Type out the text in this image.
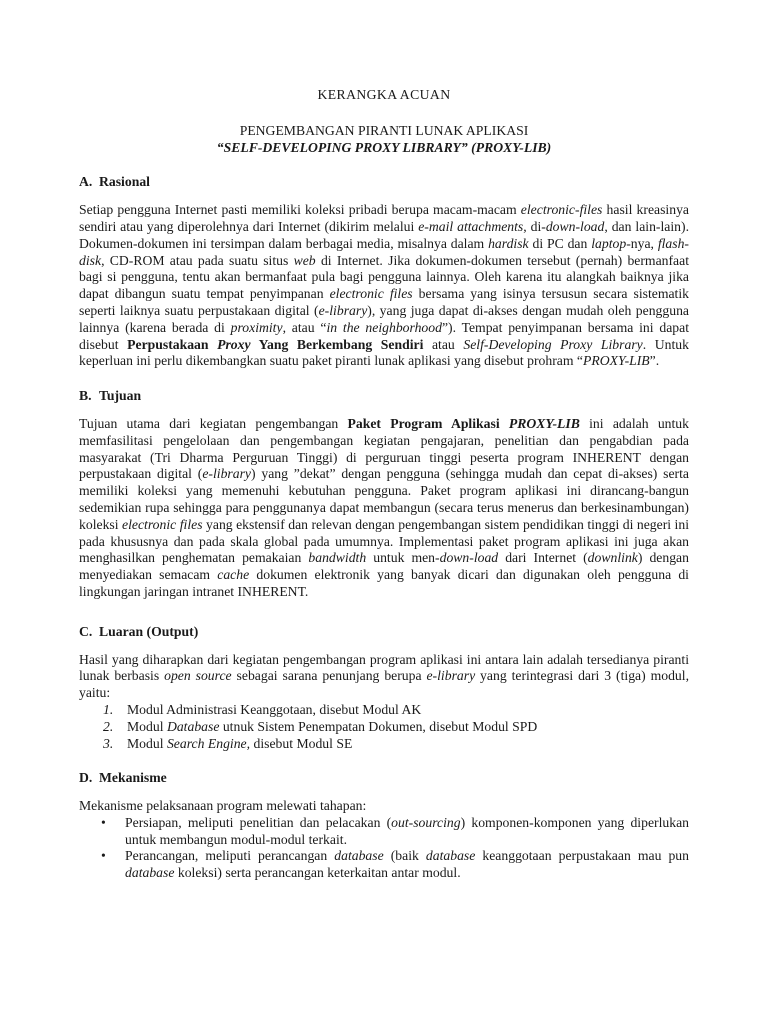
KERANGKA ACUAN
PENGEMBANGAN PIRANTI LUNAK APLIKASI
“SELF-DEVELOPING PROXY LIBRARY” (PROXY-LIB)
A. Rasional

Setiap pengguna Internet pasti memiliki koleksi pribadi berupa macam-macam electronic-files hasil kreasinya sendiri atau yang diperolehnya dari Internet (dikirim melalui e-mail attachments, di-down-load, dan lain-lain). Dokumen-dokumen ini tersimpan dalam berbagai media, misalnya dalam hardisk di PC dan laptop-nya, flash-disk, CD-ROM atau pada suatu situs web di Internet. Jika dokumen-dokumen tersebut (pernah) bermanfaat bagi si pengguna, tentu akan bermanfaat pula bagi pengguna lainnya. Oleh karena itu alangkah baiknya jika dapat dibangun suatu tempat penyimpanan electronic files bersama yang isinya tersusun secara sistematik seperti laiknya suatu perpustakaan digital (e-library), yang juga dapat di-akses dengan mudah oleh pengguna lainnya (karena berada di proximity, atau “in the neighborhood”). Tempat penyimpanan bersama ini dapat disebut Perpustakaan Proxy Yang Berkembang Sendiri atau Self-Developing Proxy Library. Untuk keperluan ini perlu dikembangkan suatu paket piranti lunak aplikasi yang disebut prohram “PROXY-LIB”.

B. Tujuan

Tujuan utama dari kegiatan pengembangan Paket Program Aplikasi PROXY-LIB ini adalah untuk memfasilitasi pengelolaan dan pengembangan kegiatan pengajaran, penelitian dan pengabdian pada masyarakat (Tri Dharma Perguruan Tinggi) di perguruan tinggi peserta program INHERENT dengan perpustakaan digital (e-library) yang ”dekat” dengan pengguna (sehingga mudah dan cepat di-akses) serta memiliki koleksi yang memenuhi kebutuhan pengguna. Paket program aplikasi ini dirancang-bangun sedemikian rupa sehingga para penggunanya dapat membangun (secara terus menerus dan berkesinambungan) koleksi electronic files yang ekstensif dan relevan dengan pengembangan sistem pendidikan tinggi di negeri ini pada khususnya dan pada skala global pada umumnya. Implementasi paket program aplikasi ini juga akan menghasilkan penghematan pemakaian bandwidth untuk men-down-load dari Internet (downlink) dengan menyediakan semacam cache dokumen elektronik yang banyak dicari dan digunakan oleh pengguna di lingkungan jaringan intranet INHERENT.

C. Luaran (Output)

Hasil yang diharapkan dari kegiatan pengembangan program aplikasi ini antara lain adalah tersedianya piranti lunak berbasis open source sebagai sarana penunjang berupa e-library yang terintegrasi dari 3 (tiga) modul, yaitu:

1. Modul Administrasi Keanggotaan, disebut Modul AK
2. Modul Database utnuk Sistem Penempatan Dokumen, disebut Modul SPD
3. Modul Search Engine, disebut Modul SE
D. Mekanisme

Mekanisme pelaksanaan program melewati tahapan:

• Persiapan, meliputi penelitian dan pelacakan (out-sourcing) komponen-komponen yang diperlukan untuk membangun modul-modul terkait.
• Perancangan, meliputi perancangan database (baik database keanggotaan perpustakaan mau pun database koleksi) serta perancangan keterkaitan antar modul.
